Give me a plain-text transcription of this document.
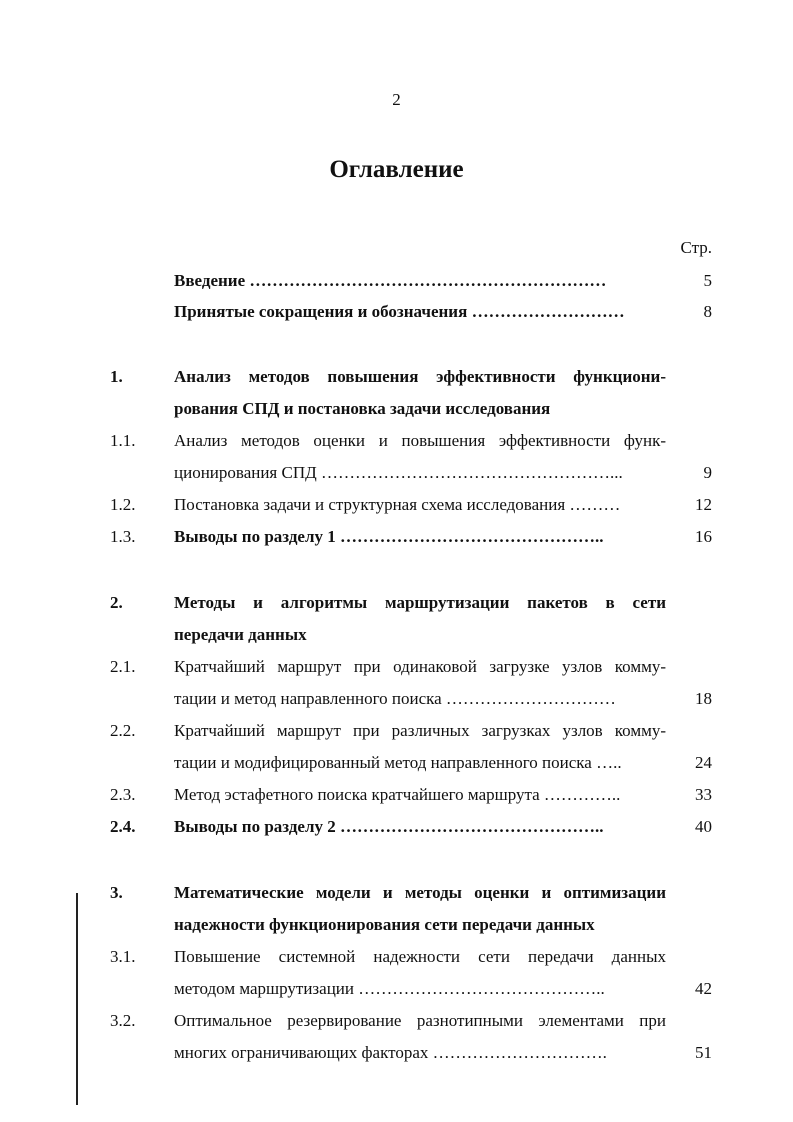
2
Оглавление
Стр.
Введение ………………………………………………………	5
Принятые сокращения и обозначения ………………………	8
1.	Анализ методов повышения эффективности функциони-
рования СПД и постановка задачи исследования
1.1.	Анализ методов оценки и повышения эффективности функ-
ционирования СПД ……………………………………………...	9
1.2.	Постановка задачи и структурная схема исследования ………	12
1.3.	Выводы по разделу 1 ………………………………………..	16
2.	Методы и алгоритмы маршрутизации пакетов в сети
передачи данных
2.1.	Кратчайший маршрут при одинаковой загрузке узлов комму-
тации и метод направленного поиска …………………………	18
2.2.	Кратчайший маршрут при различных загрузках узлов комму-
тации и модифицированный метод направленного поиска …..	24
2.3.	Метод эстафетного поиска кратчайшего маршрута …………..	33
2.4.	Выводы по разделу 2 ………………………………………..	40
3.	Математические модели и методы оценки и оптимизации
надежности функционирования сети передачи данных
3.1.	Повышение системной надежности сети передачи данных
методом маршрутизации ……………………………………..	42
3.2.	Оптимальное резервирование разнотипными элементами при
многих ограничивающих факторах ………………………….	51
